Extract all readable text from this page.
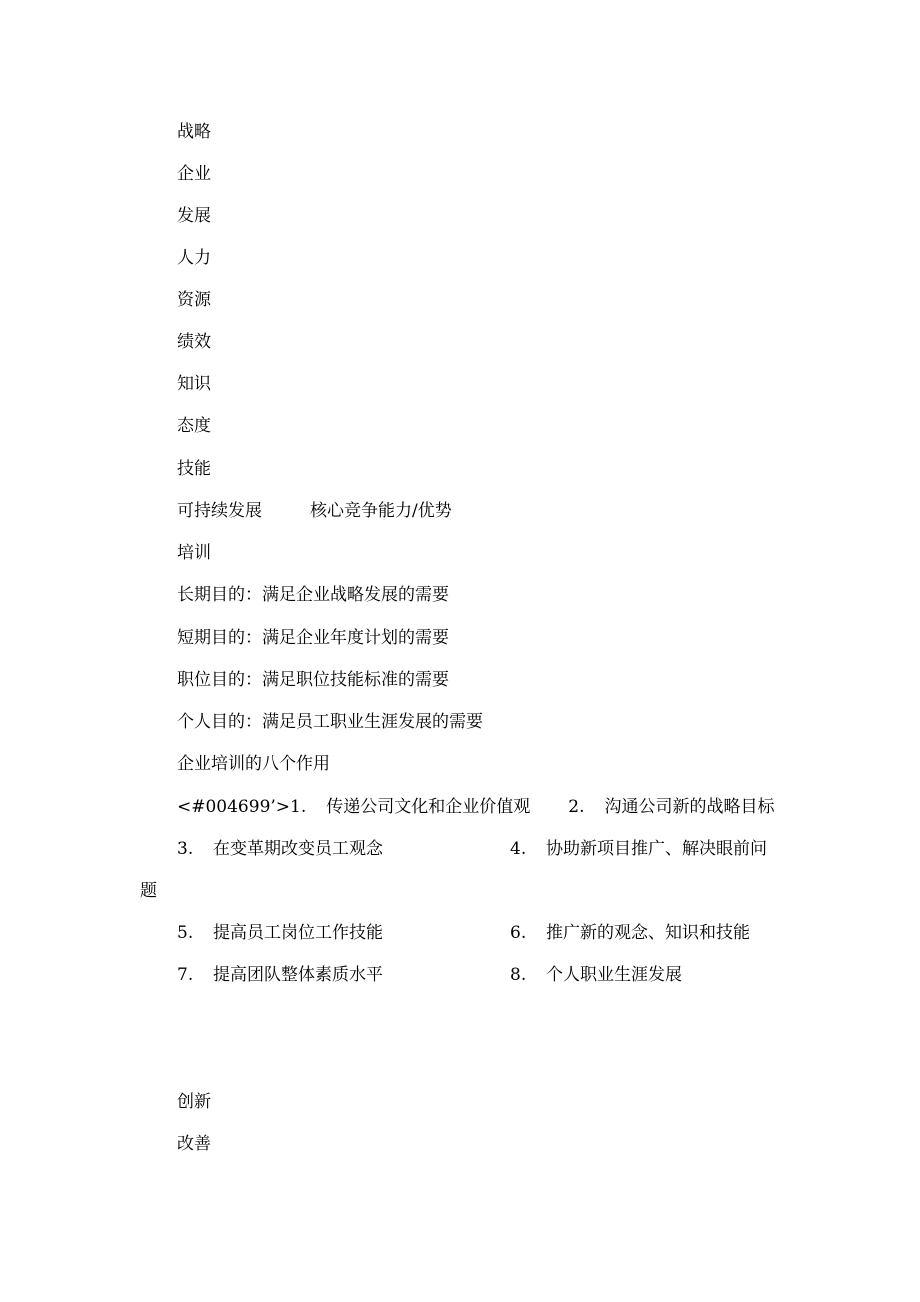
战略
企业
发展
人力
资源
绩效
知识
态度
技能
可持续发展	核心竞争能力/优势
培训
长期目的：满足企业战略发展的需要
短期目的：满足企业年度计划的需要
职位目的：满足职位技能标准的需要
个人目的：满足员工职业生涯发展的需要
企业培训的八个作用
<#004699’>1. 传递公司文化和企业价值观 2. 沟通公司新的战略目标
3. 在变革期改变员工观念	4. 协助新项目推广、解决眼前问
题
5. 提高员工岗位工作技能	6. 推广新的观念、知识和技能
7. 提高团队整体素质水平	8. 个人职业生涯发展
创新
改善
